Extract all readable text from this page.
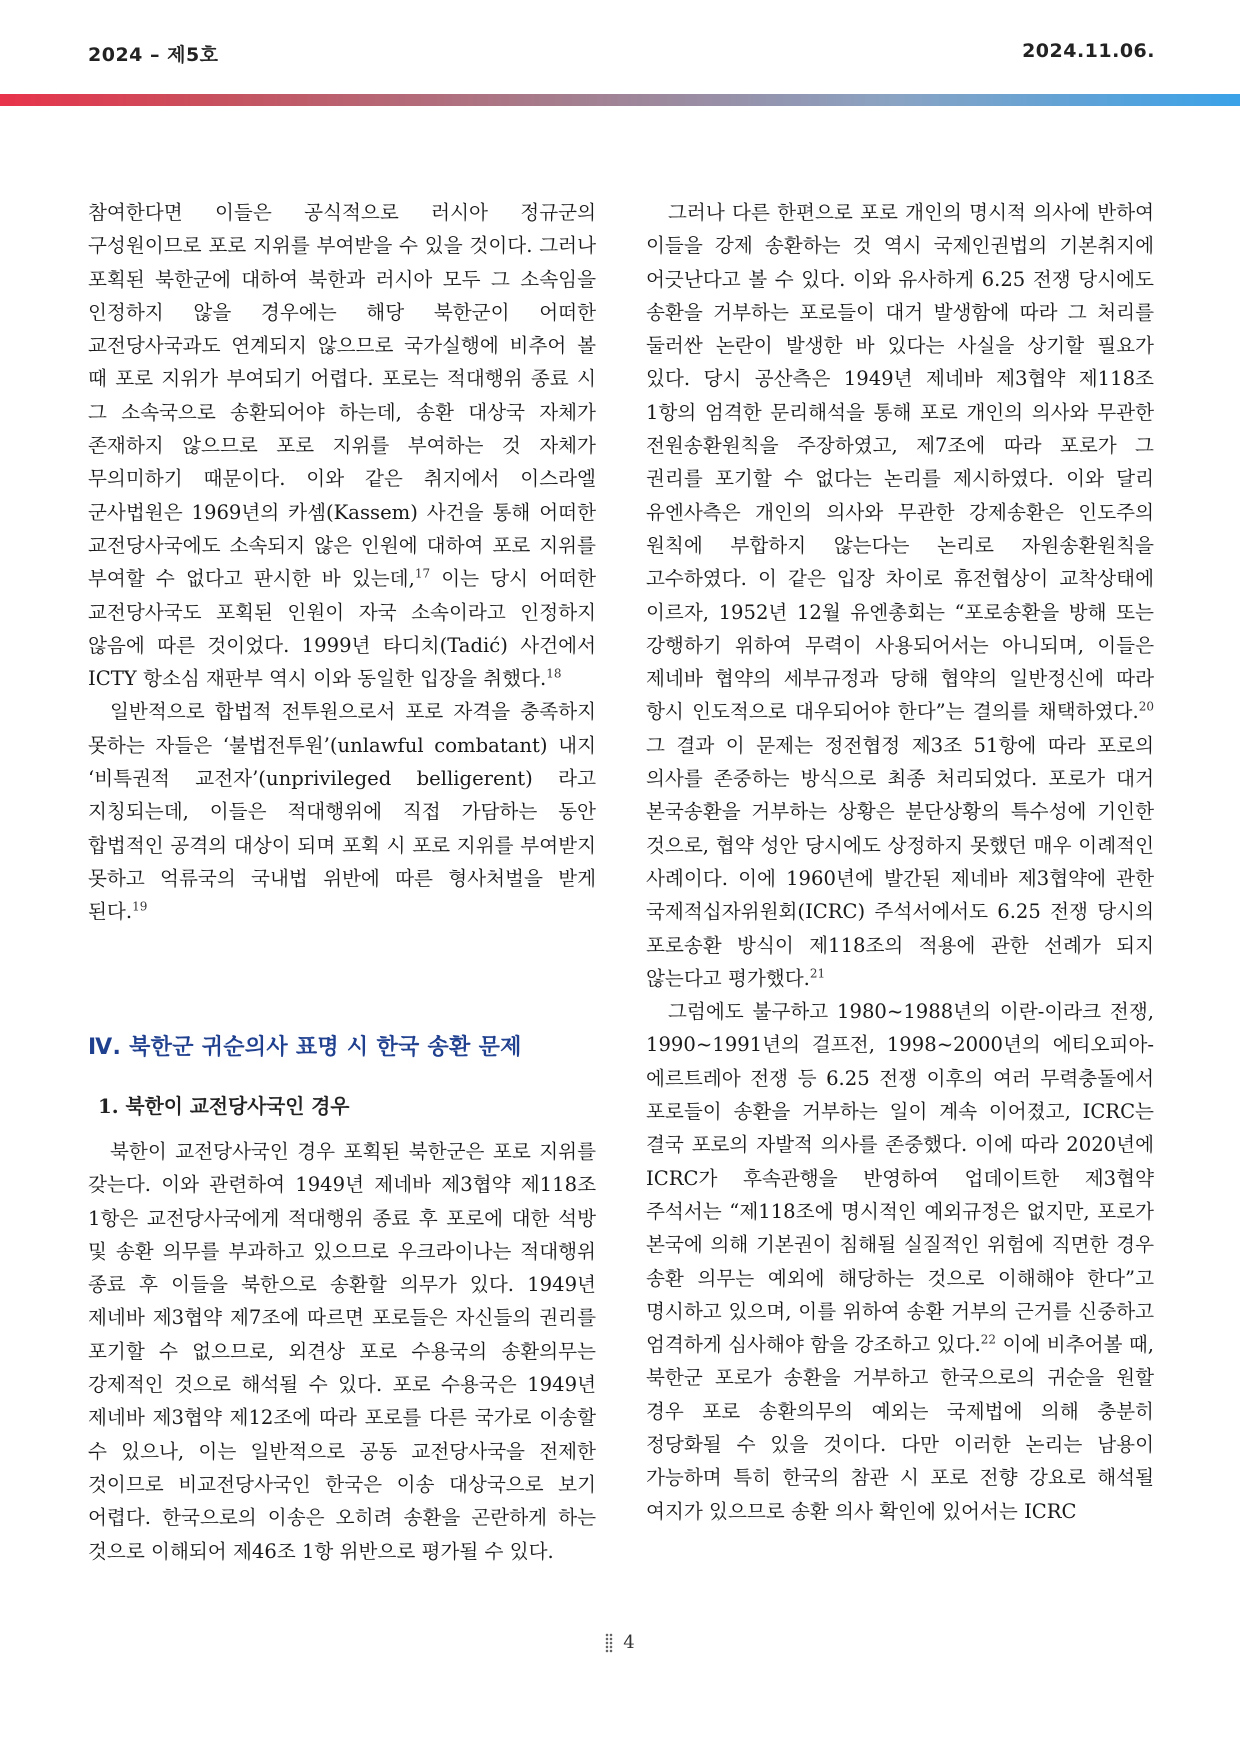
2024 – 제5호	2024.11.06.

참여한다면 이들은 공식적으로 러시아 정규군의 구성원이므로 포로 지위를 부여받을 수 있을 것이다. 그러나 포획된 북한군에 대하여 북한과 러시아 모두 그 소속임을 인정하지 않을 경우에는 해당 북한군이 어떠한 교전당사국과도 연계되지 않으므로 국가실행에 비추어 볼 때 포로 지위가 부여되기 어렵다. 포로는 적대행위 종료 시 그 소속국으로 송환되어야 하는데, 송환 대상국 자체가 존재하지 않으므로 포로 지위를 부여하는 것 자체가 무의미하기 때문이다. 이와 같은 취지에서 이스라엘 군사법원은 1969년의 카셈(Kassem) 사건을 통해 어떠한 교전당사국에도 소속되지 않은 인원에 대하여 포로 지위를 부여할 수 없다고 판시한 바 있는데,$^{17}$ 이는 당시 어떠한 교전당사국도 포획된 인원이 자국 소속이라고 인정하지 않음에 따른 것이었다. 1999년 타디치(Tadić) 사건에서 ICTY 항소심 재판부 역시 이와 동일한 입장을 취했다.$^{18}$

일반적으로 합법적 전투원으로서 포로 자격을 충족하지 못하는 자들은 ‘불법전투원’(unlawful combatant) 내지 ‘비특권적 교전자’(unprivileged belligerent) 라고 지칭되는데, 이들은 적대행위에 직접 가담하는 동안 합법적인 공격의 대상이 되며 포획 시 포로 지위를 부여받지 못하고 억류국의 국내법 위반에 따른 형사처벌을 받게 된다.$^{19}$

Ⅳ. 북한군 귀순의사 표명 시 한국 송환 문제
1. 북한이 교전당사국인 경우

북한이 교전당사국인 경우 포획된 북한군은 포로 지위를 갖는다. 이와 관련하여 1949년 제네바 제3협약 제118조 1항은 교전당사국에게 적대행위 종료 후 포로에 대한 석방 및 송환 의무를 부과하고 있으므로 우크라이나는 적대행위 종료 후 이들을 북한으로 송환할 의무가 있다. 1949년 제네바 제3협약 제7조에 따르면 포로들은 자신들의 권리를 포기할 수 없으므로, 외견상 포로 수용국의 송환의무는 강제적인 것으로 해석될 수 있다. 포로 수용국은 1949년 제네바 제3협약 제12조에 따라 포로를 다른 국가로 이송할 수 있으나, 이는 일반적으로 공동 교전당사국을 전제한 것이므로 비교전당사국인 한국은 이송 대상국으로 보기 어렵다. 한국으로의 이송은 오히려 송환을 곤란하게 하는 것으로 이해되어 제46조 1항 위반으로 평가될 수 있다.

그러나 다른 한편으로 포로 개인의 명시적 의사에 반하여 이들을 강제 송환하는 것 역시 국제인권법의 기본취지에 어긋난다고 볼 수 있다. 이와 유사하게 6.25 전쟁 당시에도 송환을 거부하는 포로들이 대거 발생함에 따라 그 처리를 둘러싼 논란이 발생한 바 있다는 사실을 상기할 필요가 있다. 당시 공산측은 1949년 제네바 제3협약 제118조 1항의 엄격한 문리해석을 통해 포로 개인의 의사와 무관한 전원송환원칙을 주장하였고, 제7조에 따라 포로가 그 권리를 포기할 수 없다는 논리를 제시하였다. 이와 달리 유엔사측은 개인의 의사와 무관한 강제송환은 인도주의 원칙에 부합하지 않는다는 논리로 자원송환원칙을 고수하였다. 이 같은 입장 차이로 휴전협상이 교착상태에 이르자, 1952년 12월 유엔총회는 “포로송환을 방해 또는 강행하기 위하여 무력이 사용되어서는 아니되며, 이들은 제네바 협약의 세부규정과 당해 협약의 일반정신에 따라 항시 인도적으로 대우되어야 한다”는 결의를 채택하였다.$^{20}$ 그 결과 이 문제는 정전협정 제3조 51항에 따라 포로의 의사를 존중하는 방식으로 최종 처리되었다. 포로가 대거 본국송환을 거부하는 상황은 분단상황의 특수성에 기인한 것으로, 협약 성안 당시에도 상정하지 못했던 매우 이례적인 사례이다. 이에 1960년에 발간된 제네바 제3협약에 관한 국제적십자위원회(ICRC) 주석서에서도 6.25 전쟁 당시의 포로송환 방식이 제118조의 적용에 관한 선례가 되지 않는다고 평가했다.$^{21}$

그럼에도 불구하고 1980~1988년의 이란-이라크 전쟁, 1990~1991년의 걸프전, 1998~2000년의 에티오피아-에르트레아 전쟁 등 6.25 전쟁 이후의 여러 무력충돌에서 포로들이 송환을 거부하는 일이 계속 이어졌고, ICRC는 결국 포로의 자발적 의사를 존중했다. 이에 따라 2020년에 ICRC가 후속관행을 반영하여 업데이트한 제3협약 주석서는 “제118조에 명시적인 예외규정은 없지만, 포로가 본국에 의해 기본권이 침해될 실질적인 위험에 직면한 경우 송환 의무는 예외에 해당하는 것으로 이해해야 한다”고 명시하고 있으며, 이를 위하여 송환 거부의 근거를 신중하고 엄격하게 심사해야 함을 강조하고 있다.$^{22}$ 이에 비추어볼 때, 북한군 포로가 송환을 거부하고 한국으로의 귀순을 원할 경우 포로 송환의무의 예외는 국제법에 의해 충분히 정당화될 수 있을 것이다. 다만 이러한 논리는 남용이 가능하며 특히 한국의 참관 시 포로 전향 강요로 해석될 여지가 있으므로 송환 의사 확인에 있어서는 ICRC

4
